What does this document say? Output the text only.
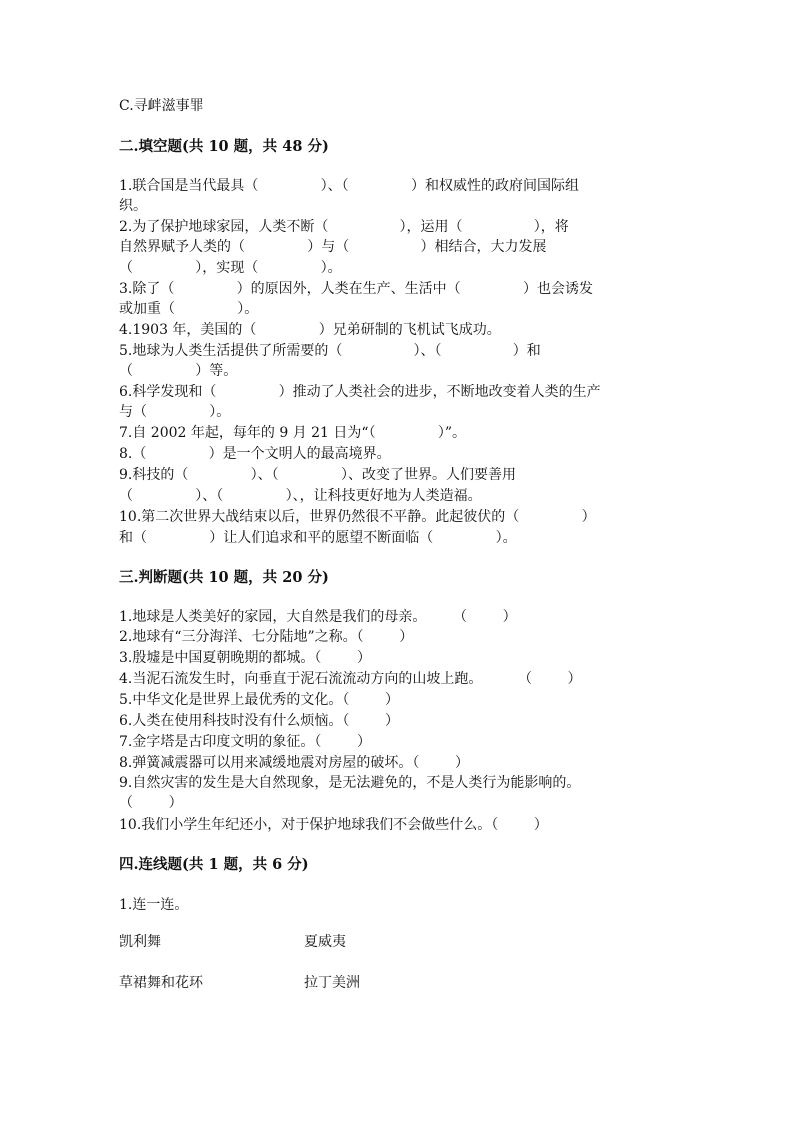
C.寻衅滋事罪
二.填空题(共 10 题，共 48 分)
1.联合国是当代最具（              ）、（              ）和权威性的政府间国际组
织。
2.为了保护地球家园，人类不断（                ），运用（                ），将
自然界赋予人类的（              ）与（                ）相结合，大力发展
（              ），实现（              ）。
3.除了（              ）的原因外，人类在生产、生活中（              ）也会诱发
或加重（              ）。
4.1903 年，美国的（              ）兄弟研制的飞机试飞成功。
5.地球为人类生活提供了所需要的（                ）、（                ）和
（              ）等。
6.科学发现和（              ）推动了人类社会的进步，不断地改变着人类的生产
与（              ）。
7.自 2002 年起，每年的 9 月 21 日为“（              ）”。
8.（              ）是一个文明人的最高境界。
9.科技的（              ）、（              ）、改变了世界。人们要善用
（              ）、（              ）、，让科技更好地为人类造福。
10.第二次世界大战结束以后，世界仍然很不平静。此起彼伏的（              ）
和（              ）让人们追求和平的愿望不断面临（              ）。
三.判断题(共 10 题，共 20 分)
1.地球是人类美好的家园，大自然是我们的母亲。      （        ）
2.地球有“三分海洋、七分陆地”之称。（        ）
3.殷墟是中国夏朝晚期的都城。（        ）
4.当泥石流发生时，向垂直于泥石流流动方向的山坡上跑。        （        ）
5.中华文化是世界上最优秀的文化。（        ）
6.人类在使用科技时没有什么烦恼。（        ）
7.金字塔是古印度文明的象征。（        ）
8.弹簧减震器可以用来减缓地震对房屋的破坏。（        ）
9.自然灾害的发生是大自然现象，是无法避免的，不是人类行为能影响的。
（        ）
10.我们小学生年纪还小，对于保护地球我们不会做些什么。（        ）
四.连线题(共 1 题，共 6 分)
1.连一连。
凯利舞	夏威夷
草裙舞和花环	拉丁美洲
